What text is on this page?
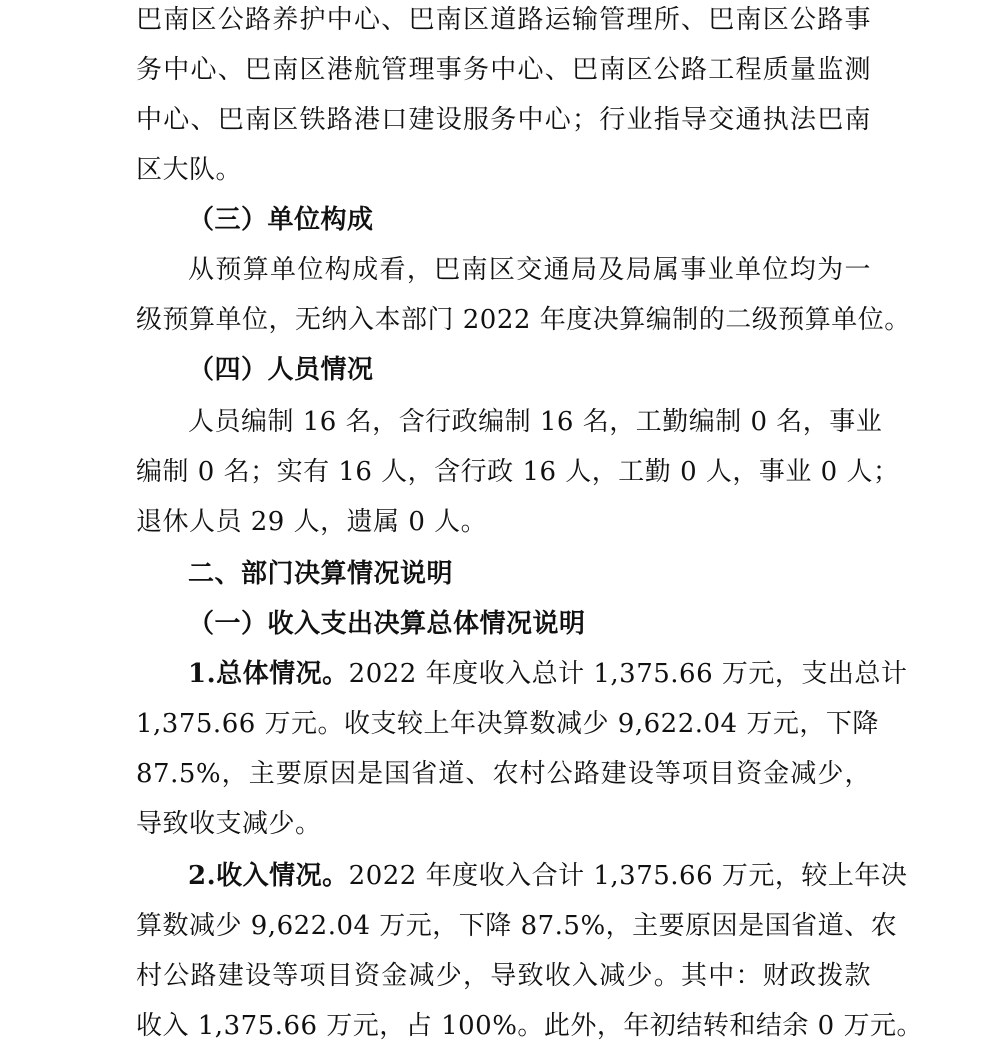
巴南区公路养护中心、巴南区道路运输管理所、巴南区公路事
务中心、巴南区港航管理事务中心、巴南区公路工程质量监测
中心、巴南区铁路港口建设服务中心；行业指导交通执法巴南
区大队。
（三）单位构成
从预算单位构成看，巴南区交通局及局属事业单位均为一
级预算单位，无纳入本部门 2022 年度决算编制的二级预算单位。
（四）人员情况
人员编制 16 名，含行政编制 16 名，工勤编制 0 名，事业
编制 0 名；实有 16 人，含行政 16 人，工勤 0 人，事业 0 人；
退休人员 29 人，遗属 0 人。
二、部门决算情况说明
（一）收入支出决算总体情况说明
1.总体情况。2022 年度收入总计 1,375.66 万元，支出总计
1,375.66 万元。收支较上年决算数减少 9,622.04 万元，下降
87.5%，主要原因是国省道、农村公路建设等项目资金减少，
导致收支减少。
2.收入情况。2022 年度收入合计 1,375.66 万元，较上年决
算数减少 9,622.04 万元，下降 87.5%，主要原因是国省道、农
村公路建设等项目资金减少，导致收入减少。其中：财政拨款
收入 1,375.66 万元，占 100%。此外，年初结转和结余 0 万元。
